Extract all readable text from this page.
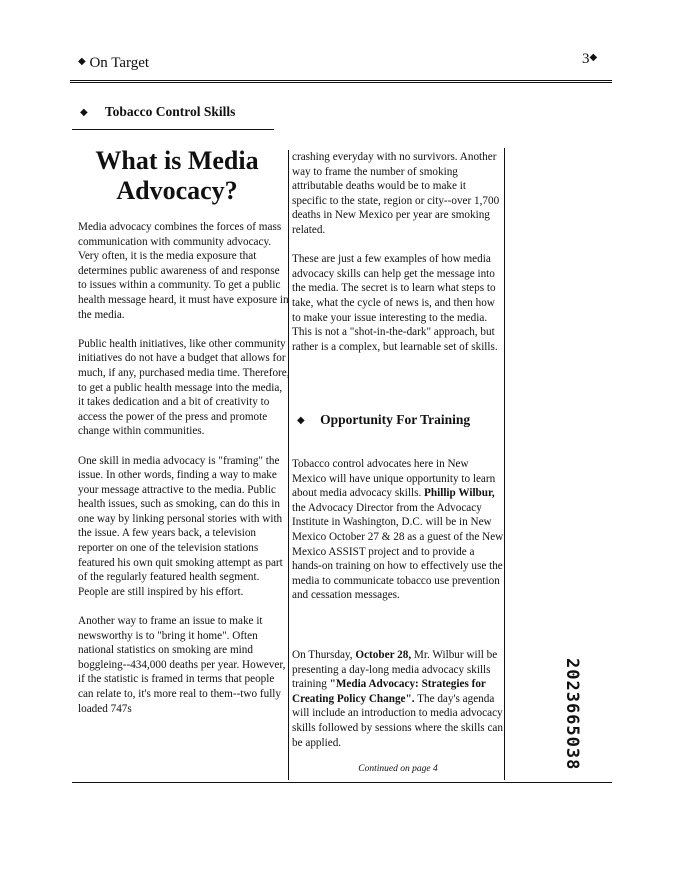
◆ On Target	3◆
◆ Tobacco Control Skills
What is Media Advocacy?

Media advocacy combines the forces of mass communication with community advocacy. Very often, it is the media exposure that determines public awareness of and response to issues within a community. To get a public health message heard, it must have exposure in the media.

Public health initiatives, like other community initiatives do not have a budget that allows for much, if any, purchased media time. Therefore, to get a public health message into the media, it takes dedication and a bit of creativity to access the power of the press and promote change within communities.

One skill in media advocacy is "framing" the issue. In other words, finding a way to make your message attractive to the media. Public health issues, such as smoking, can do this in one way by linking personal stories with with the issue. A few years back, a television reporter on one of the television stations featured his own quit smoking attempt as part of the regularly featured health segment. People are still inspired by his effort.

Another way to frame an issue to make it newsworthy is to "bring it home". Often national statistics on smoking are mind boggleing--434,000 deaths per year. However, if the statistic is framed in terms that people can relate to, it's more real to them--two fully loaded 747s

crashing everyday with no survivors. Another way to frame the number of smoking attributable deaths would be to make it specific to the state, region or city--over 1,700 deaths in New Mexico per year are smoking related.

These are just a few examples of how media advocacy skills can help get the message into the media. The secret is to learn what steps to take, what the cycle of news is, and then how to make your issue interesting to the media. This is not a "shot-in-the-dark" approach, but rather is a complex, but learnable set of skills.

◆ Opportunity For Training
Tobacco control advocates here in New Mexico will have unique opportunity to learn about media advocacy skills. Phillip Wilbur, the Advocacy Director from the Advocacy Institute in Washington, D.C. will be in New Mexico October 27 & 28 as a guest of the New Mexico ASSIST project and to provide a hands-on training on how to effectively use the media to communicate tobacco use prevention and cessation messages.
On Thursday, October 28, Mr. Wilbur will be presenting a day-long media advocacy skills training "Media Advocacy: Strategies for Creating Policy Change". The day's agenda will include an introduction to media advocacy skills followed by sessions where the skills can be applied.
Continued on page 4	2023665038
